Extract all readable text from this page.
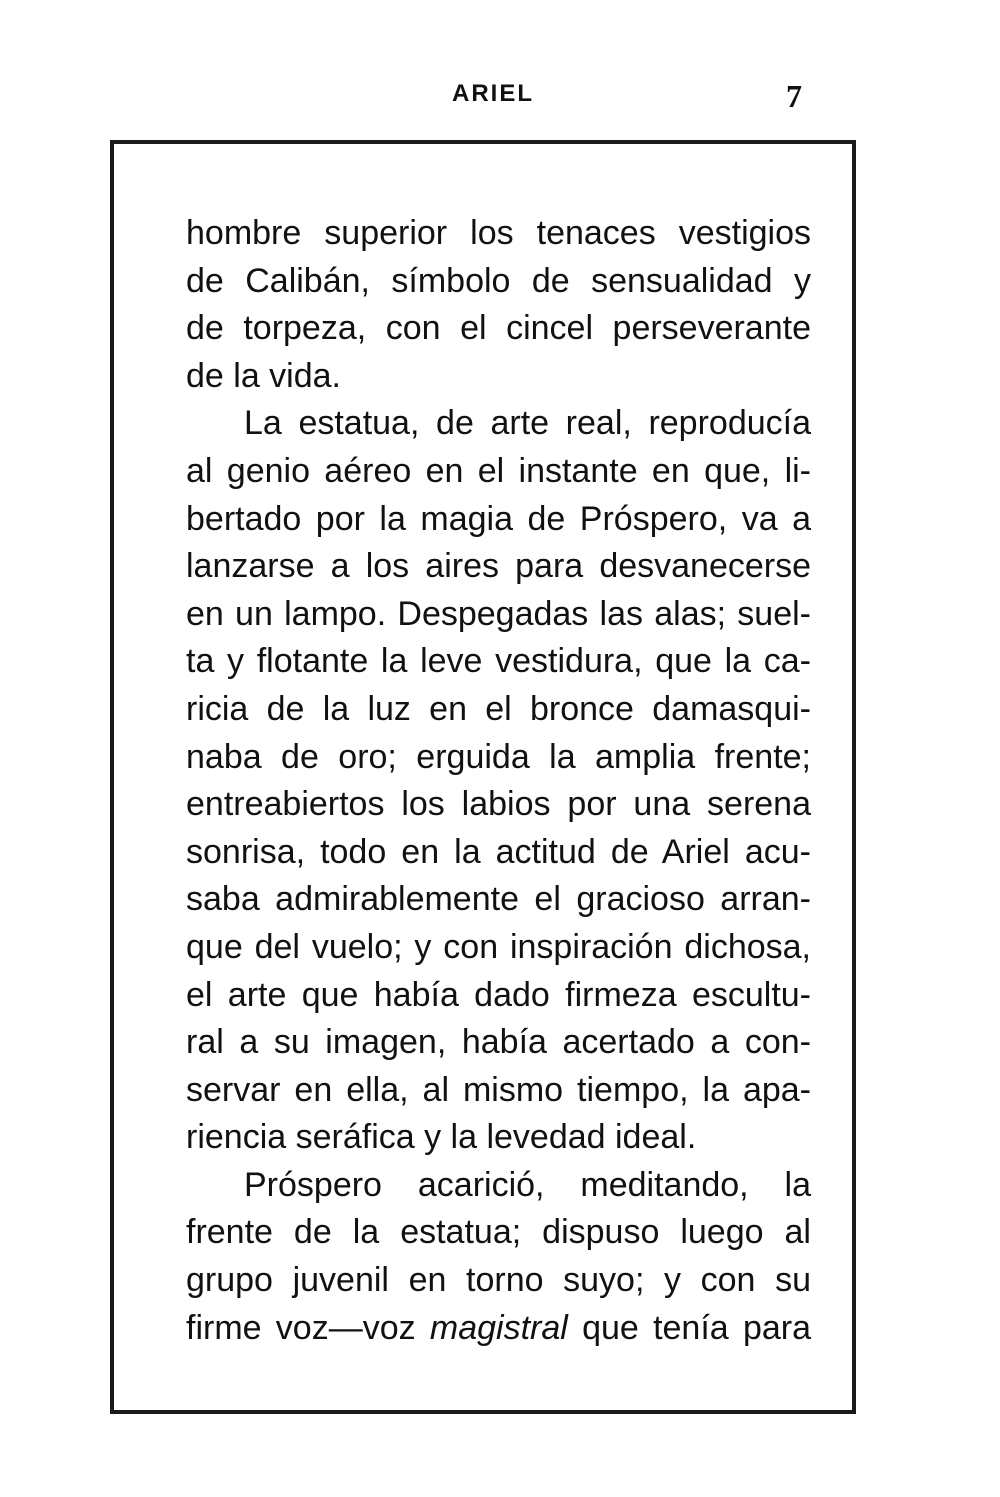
ARIEL	7
hombre superior los tenaces vestigios
de Calibán, símbolo de sensualidad y
de torpeza, con el cincel perseverante
de la vida.
La estatua, de arte real, reproducía
al genio aéreo en el instante en que, li-
bertado por la magia de Próspero, va a
lanzarse a los aires para desvanecerse
en un lampo. Despegadas las alas; suel-
ta y flotante la leve vestidura, que la ca-
ricia de la luz en el bronce damasqui-
naba de oro; erguida la amplia frente;
entreabiertos los labios por una serena
sonrisa, todo en la actitud de Ariel acu-
saba admirablemente el gracioso arran-
que del vuelo; y con inspiración dichosa,
el arte que había dado firmeza escultu-
ral a su imagen, había acertado a con-
servar en ella, al mismo tiempo, la apa-
riencia seráfica y la levedad ideal.
Próspero acarició, meditando, la
frente de la estatua; dispuso luego al
grupo juvenil en torno suyo; y con su
firme voz—voz magistral que tenía para
